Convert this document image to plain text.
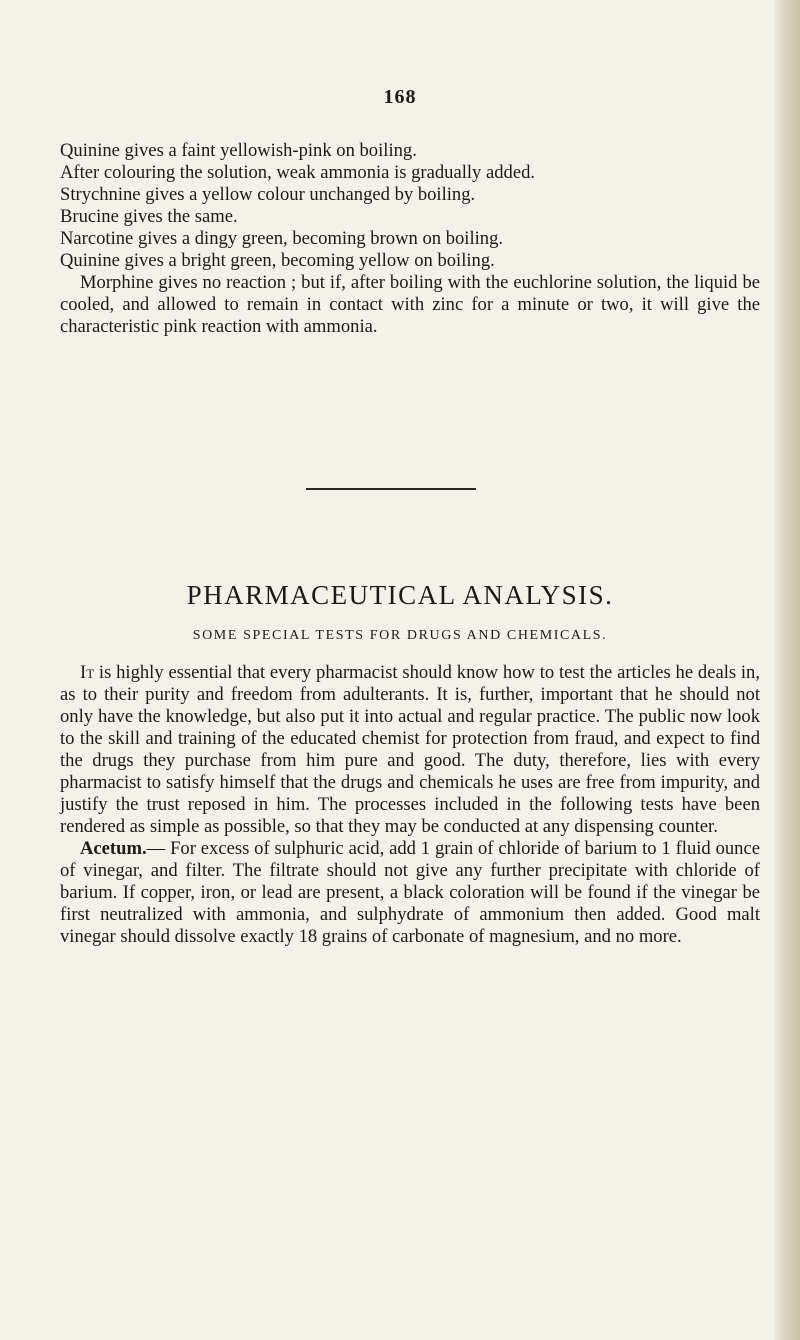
168
Quinine gives a faint yellowish-pink on boiling.
After colouring the solution, weak ammonia is gradually added.
Strychnine gives a yellow colour unchanged by boiling.
Brucine gives the same.
Narcotine gives a dingy green, becoming brown on boiling.
Quinine gives a bright green, becoming yellow on boiling.

Morphine gives no reaction ; but if, after boiling with the euchlorine solution, the liquid be cooled, and allowed to remain in contact with zinc for a minute or two, it will give the characteristic pink reaction with ammonia.

PHARMACEUTICAL ANALYSIS.
SOME SPECIAL TESTS FOR DRUGS AND CHEMICALS.

It is highly essential that every pharmacist should know how to test the articles he deals in, as to their purity and freedom from adulterants. It is, further, important that he should not only have the knowledge, but also put it into actual and regular practice. The public now look to the skill and training of the educated chemist for protection from fraud, and expect to find the drugs they purchase from him pure and good. The duty, therefore, lies with every pharmacist to satisfy himself that the drugs and chemicals he uses are free from impurity, and justify the trust reposed in him. The processes included in the following tests have been rendered as simple as possible, so that they may be conducted at any dispensing counter.

Acetum.— For excess of sulphuric acid, add 1 grain of chloride of barium to 1 fluid ounce of vinegar, and filter. The filtrate should not give any further precipitate with chloride of barium. If copper, iron, or lead are present, a black coloration will be found if the vinegar be first neutralized with ammonia, and sulphydrate of ammonium then added. Good malt vinegar should dissolve exactly 18 grains of carbonate of magnesium, and no more.
